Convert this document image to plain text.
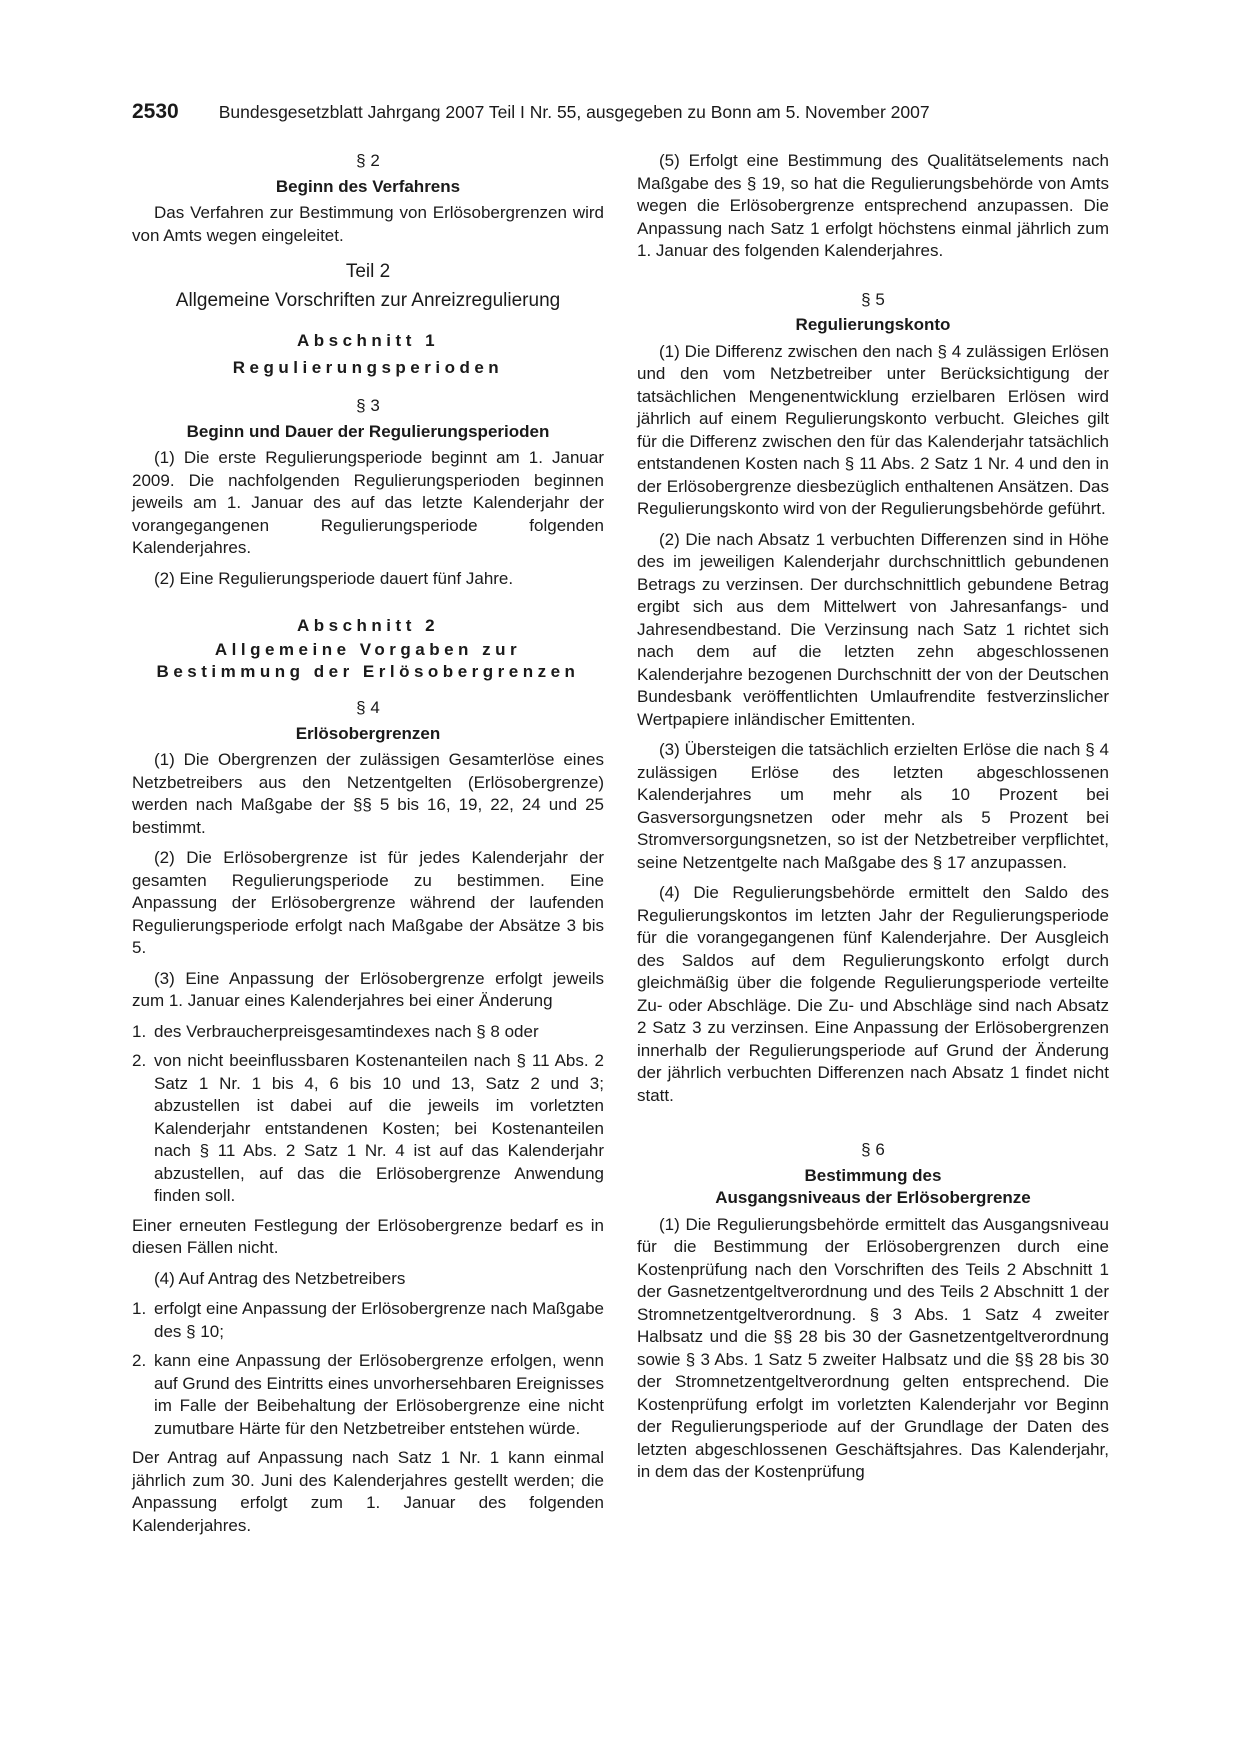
2530 Bundesgesetzblatt Jahrgang 2007 Teil I Nr. 55, ausgegeben zu Bonn am 5. November 2007
§ 2
Beginn des Verfahrens

Das Verfahren zur Bestimmung von Erlösobergrenzen wird von Amts wegen eingeleitet.

Teil 2
Allgemeine Vorschriften zur Anreizregulierung
Abschnitt 1
Regulierungsperioden
§ 3
Beginn und Dauer der Regulierungsperioden

(1) Die erste Regulierungsperiode beginnt am 1. Januar 2009. Die nachfolgenden Regulierungsperioden beginnen jeweils am 1. Januar des auf das letzte Kalenderjahr der vorangegangenen Regulierungsperiode folgenden Kalenderjahres.

(2) Eine Regulierungsperiode dauert fünf Jahre.

Abschnitt 2
Allgemeine Vorgaben zur
Bestimmung der Erlösobergrenzen
§ 4
Erlösobergrenzen

(1) Die Obergrenzen der zulässigen Gesamterlöse eines Netzbetreibers aus den Netzentgelten (Erlösobergrenze) werden nach Maßgabe der §§ 5 bis 16, 19, 22, 24 und 25 bestimmt.

(2) Die Erlösobergrenze ist für jedes Kalenderjahr der gesamten Regulierungsperiode zu bestimmen. Eine Anpassung der Erlösobergrenze während der laufenden Regulierungsperiode erfolgt nach Maßgabe der Absätze 3 bis 5.

(3) Eine Anpassung der Erlösobergrenze erfolgt jeweils zum 1. Januar eines Kalenderjahres bei einer Änderung

1. des Verbraucherpreisgesamtindexes nach § 8 oder
2. von nicht beeinflussbaren Kostenanteilen nach § 11 Abs. 2 Satz 1 Nr. 1 bis 4, 6 bis 10 und 13, Satz 2 und 3; abzustellen ist dabei auf die jeweils im vorletzten Kalenderjahr entstandenen Kosten; bei Kostenanteilen nach § 11 Abs. 2 Satz 1 Nr. 4 ist auf das Kalenderjahr abzustellen, auf das die Erlösobergrenze Anwendung finden soll.

Einer erneuten Festlegung der Erlösobergrenze bedarf es in diesen Fällen nicht.

(4) Auf Antrag des Netzbetreibers

1. erfolgt eine Anpassung der Erlösobergrenze nach Maßgabe des § 10;
2. kann eine Anpassung der Erlösobergrenze erfolgen, wenn auf Grund des Eintritts eines unvorhersehbaren Ereignisses im Falle der Beibehaltung der Erlösobergrenze eine nicht zumutbare Härte für den Netzbetreiber entstehen würde.

Der Antrag auf Anpassung nach Satz 1 Nr. 1 kann einmal jährlich zum 30. Juni des Kalenderjahres gestellt werden; die Anpassung erfolgt zum 1. Januar des folgenden Kalenderjahres.

(5) Erfolgt eine Bestimmung des Qualitätselements nach Maßgabe des § 19, so hat die Regulierungsbehörde von Amts wegen die Erlösobergrenze entsprechend anzupassen. Die Anpassung nach Satz 1 erfolgt höchstens einmal jährlich zum 1. Januar des folgenden Kalenderjahres.

§ 5
Regulierungskonto

(1) Die Differenz zwischen den nach § 4 zulässigen Erlösen und den vom Netzbetreiber unter Berücksichtigung der tatsächlichen Mengenentwicklung erzielbaren Erlösen wird jährlich auf einem Regulierungskonto verbucht. Gleiches gilt für die Differenz zwischen den für das Kalenderjahr tatsächlich entstandenen Kosten nach § 11 Abs. 2 Satz 1 Nr. 4 und den in der Erlösobergrenze diesbezüglich enthaltenen Ansätzen. Das Regulierungskonto wird von der Regulierungsbehörde geführt.

(2) Die nach Absatz 1 verbuchten Differenzen sind in Höhe des im jeweiligen Kalenderjahr durchschnittlich gebundenen Betrags zu verzinsen. Der durchschnittlich gebundene Betrag ergibt sich aus dem Mittelwert von Jahresanfangs- und Jahresendbestand. Die Verzinsung nach Satz 1 richtet sich nach dem auf die letzten zehn abgeschlossenen Kalenderjahre bezogenen Durchschnitt der von der Deutschen Bundesbank veröffentlichten Umlaufrendite festverzinslicher Wertpapiere inländischer Emittenten.

(3) Übersteigen die tatsächlich erzielten Erlöse die nach § 4 zulässigen Erlöse des letzten abgeschlossenen Kalenderjahres um mehr als 10 Prozent bei Gasversorgungsnetzen oder mehr als 5 Prozent bei Stromversorgungsnetzen, so ist der Netzbetreiber verpflichtet, seine Netzentgelte nach Maßgabe des § 17 anzupassen.

(4) Die Regulierungsbehörde ermittelt den Saldo des Regulierungskontos im letzten Jahr der Regulierungsperiode für die vorangegangenen fünf Kalenderjahre. Der Ausgleich des Saldos auf dem Regulierungskonto erfolgt durch gleichmäßig über die folgende Regulierungsperiode verteilte Zu- oder Abschläge. Die Zu- und Abschläge sind nach Absatz 2 Satz 3 zu verzinsen. Eine Anpassung der Erlösobergrenzen innerhalb der Regulierungsperiode auf Grund der Änderung der jährlich verbuchten Differenzen nach Absatz 1 findet nicht statt.

§ 6
Bestimmung des
Ausgangsniveaus der Erlösobergrenze

(1) Die Regulierungsbehörde ermittelt das Ausgangsniveau für die Bestimmung der Erlösobergrenzen durch eine Kostenprüfung nach den Vorschriften des Teils 2 Abschnitt 1 der Gasnetzentgeltverordnung und des Teils 2 Abschnitt 1 der Stromnetzentgeltverordnung. § 3 Abs. 1 Satz 4 zweiter Halbsatz und die §§ 28 bis 30 der Gasnetzentgeltverordnung sowie § 3 Abs. 1 Satz 5 zweiter Halbsatz und die §§ 28 bis 30 der Stromnetzentgeltverordnung gelten entsprechend. Die Kostenprüfung erfolgt im vorletzten Kalenderjahr vor Beginn der Regulierungsperiode auf der Grundlage der Daten des letzten abgeschlossenen Geschäftsjahres. Das Kalenderjahr, in dem das der Kostenprüfung
